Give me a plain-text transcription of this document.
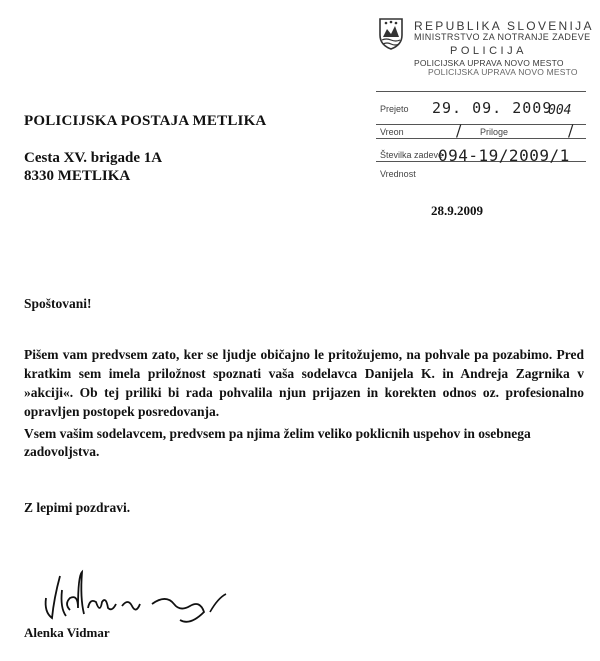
REPUBLIKA SLOVENIJA
MINISTRSTVO ZA NOTRANJE ZADEVE
POLICIJA
POLICIJSKA UPRAVA NOVO MESTO
POLICIJSKA UPRAVA NOVO MESTO
Prejeto
Vreon	Priloge
Številka zadeve
Vrednost
29. 09. 2009
004
/	/
094-19/2009/1

POLICIJSKA POSTAJA METLIKA

Cesta XV. brigade 1A

8330 METLIKA

28.9.2009

Spoštovani!

Pišem vam predvsem zato, ker se ljudje običajno le pritožujemo, na pohvale pa pozabimo. Pred kratkim sem imela priložnost spoznati vaša sodelavca Danijela K. in Andreja Zagrnika v »akciji«. Ob tej priliki bi rada pohvalila njun prijazen in korekten odnos oz. profesionalno opravljen postopek posredovanja.

Vsem vašim sodelavcem, predvsem pa njima želim veliko poklicnih uspehov in osebnega zadovoljstva.

Z lepimi pozdravi.

Alenka Vidmar
